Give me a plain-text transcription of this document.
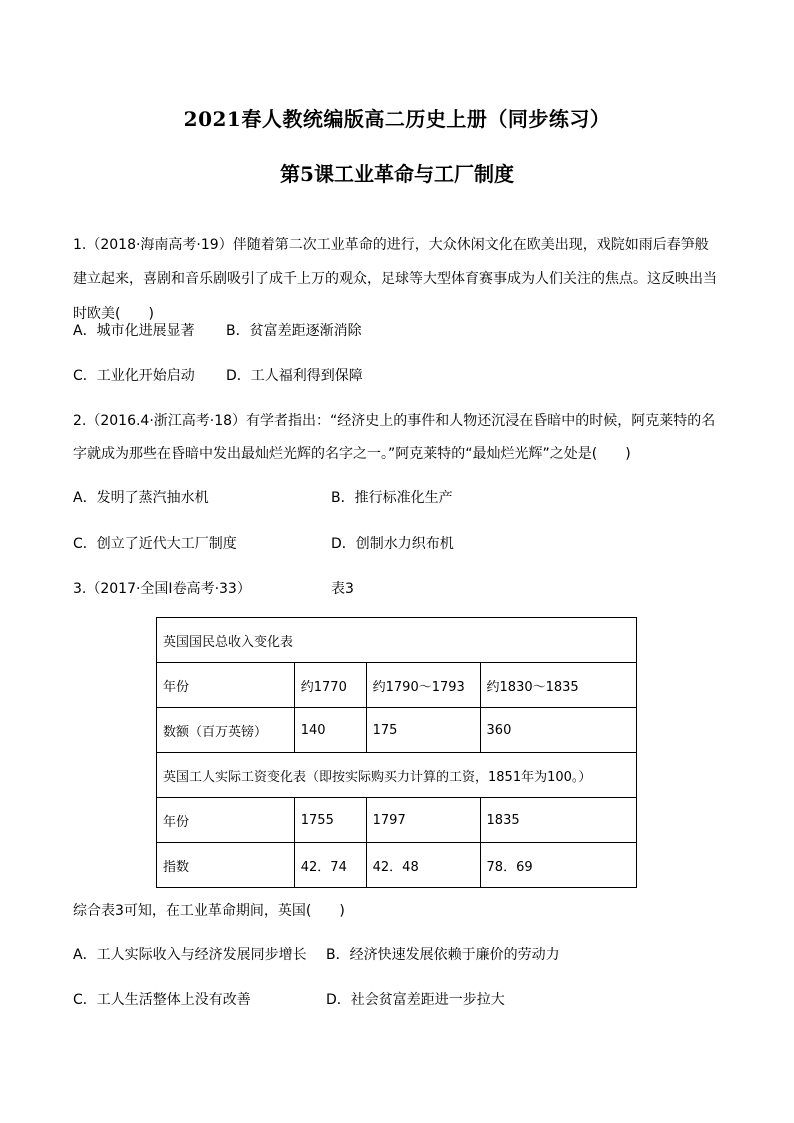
2021春人教统编版高二历史上册（同步练习）
第5课工业革命与工厂制度
1.（2018·海南高考·19）伴随着第二次工业革命的进行，大众休闲文化在欧美出现，戏院如雨后春笋般
建立起来，喜剧和音乐剧吸引了成千上万的观众，足球等大型体育赛事成为人们关注的焦点。这反映出当
时欧美(　　)
A．城市化进展显著 B．贫富差距逐渐消除
C．工业化开始启动 D．工人福利得到保障
2.（2016.4·浙江高考·18）有学者指出：“经济史上的事件和人物还沉浸在昏暗中的时候，阿克莱特的名
字就成为那些在昏暗中发出最灿烂光辉的名字之一。”阿克莱特的“最灿烂光辉”之处是(　　)
A．发明了蒸汽抽水机	B．推行标准化生产
C．创立了近代大工厂制度	D．创制水力织布机
3.（2017·全国Ⅰ卷高考·33）	表3
英国国民总收入变化表			
年份	约1770	约1790～1793	约1830～1835
数额（百万英镑）	140	175	360
英国工人实际工资变化表（即按实际购买力计算的工资，1851年为100。）			
年份	1755	1797	1835
指数	42．74	42．48	78．69
综合表3可知，在工业革命期间，英国(　　)
A．工人实际收入与经济发展同步增长 B．经济快速发展依赖于廉价的劳动力
C．工人生活整体上没有改善	D．社会贫富差距进一步拉大
